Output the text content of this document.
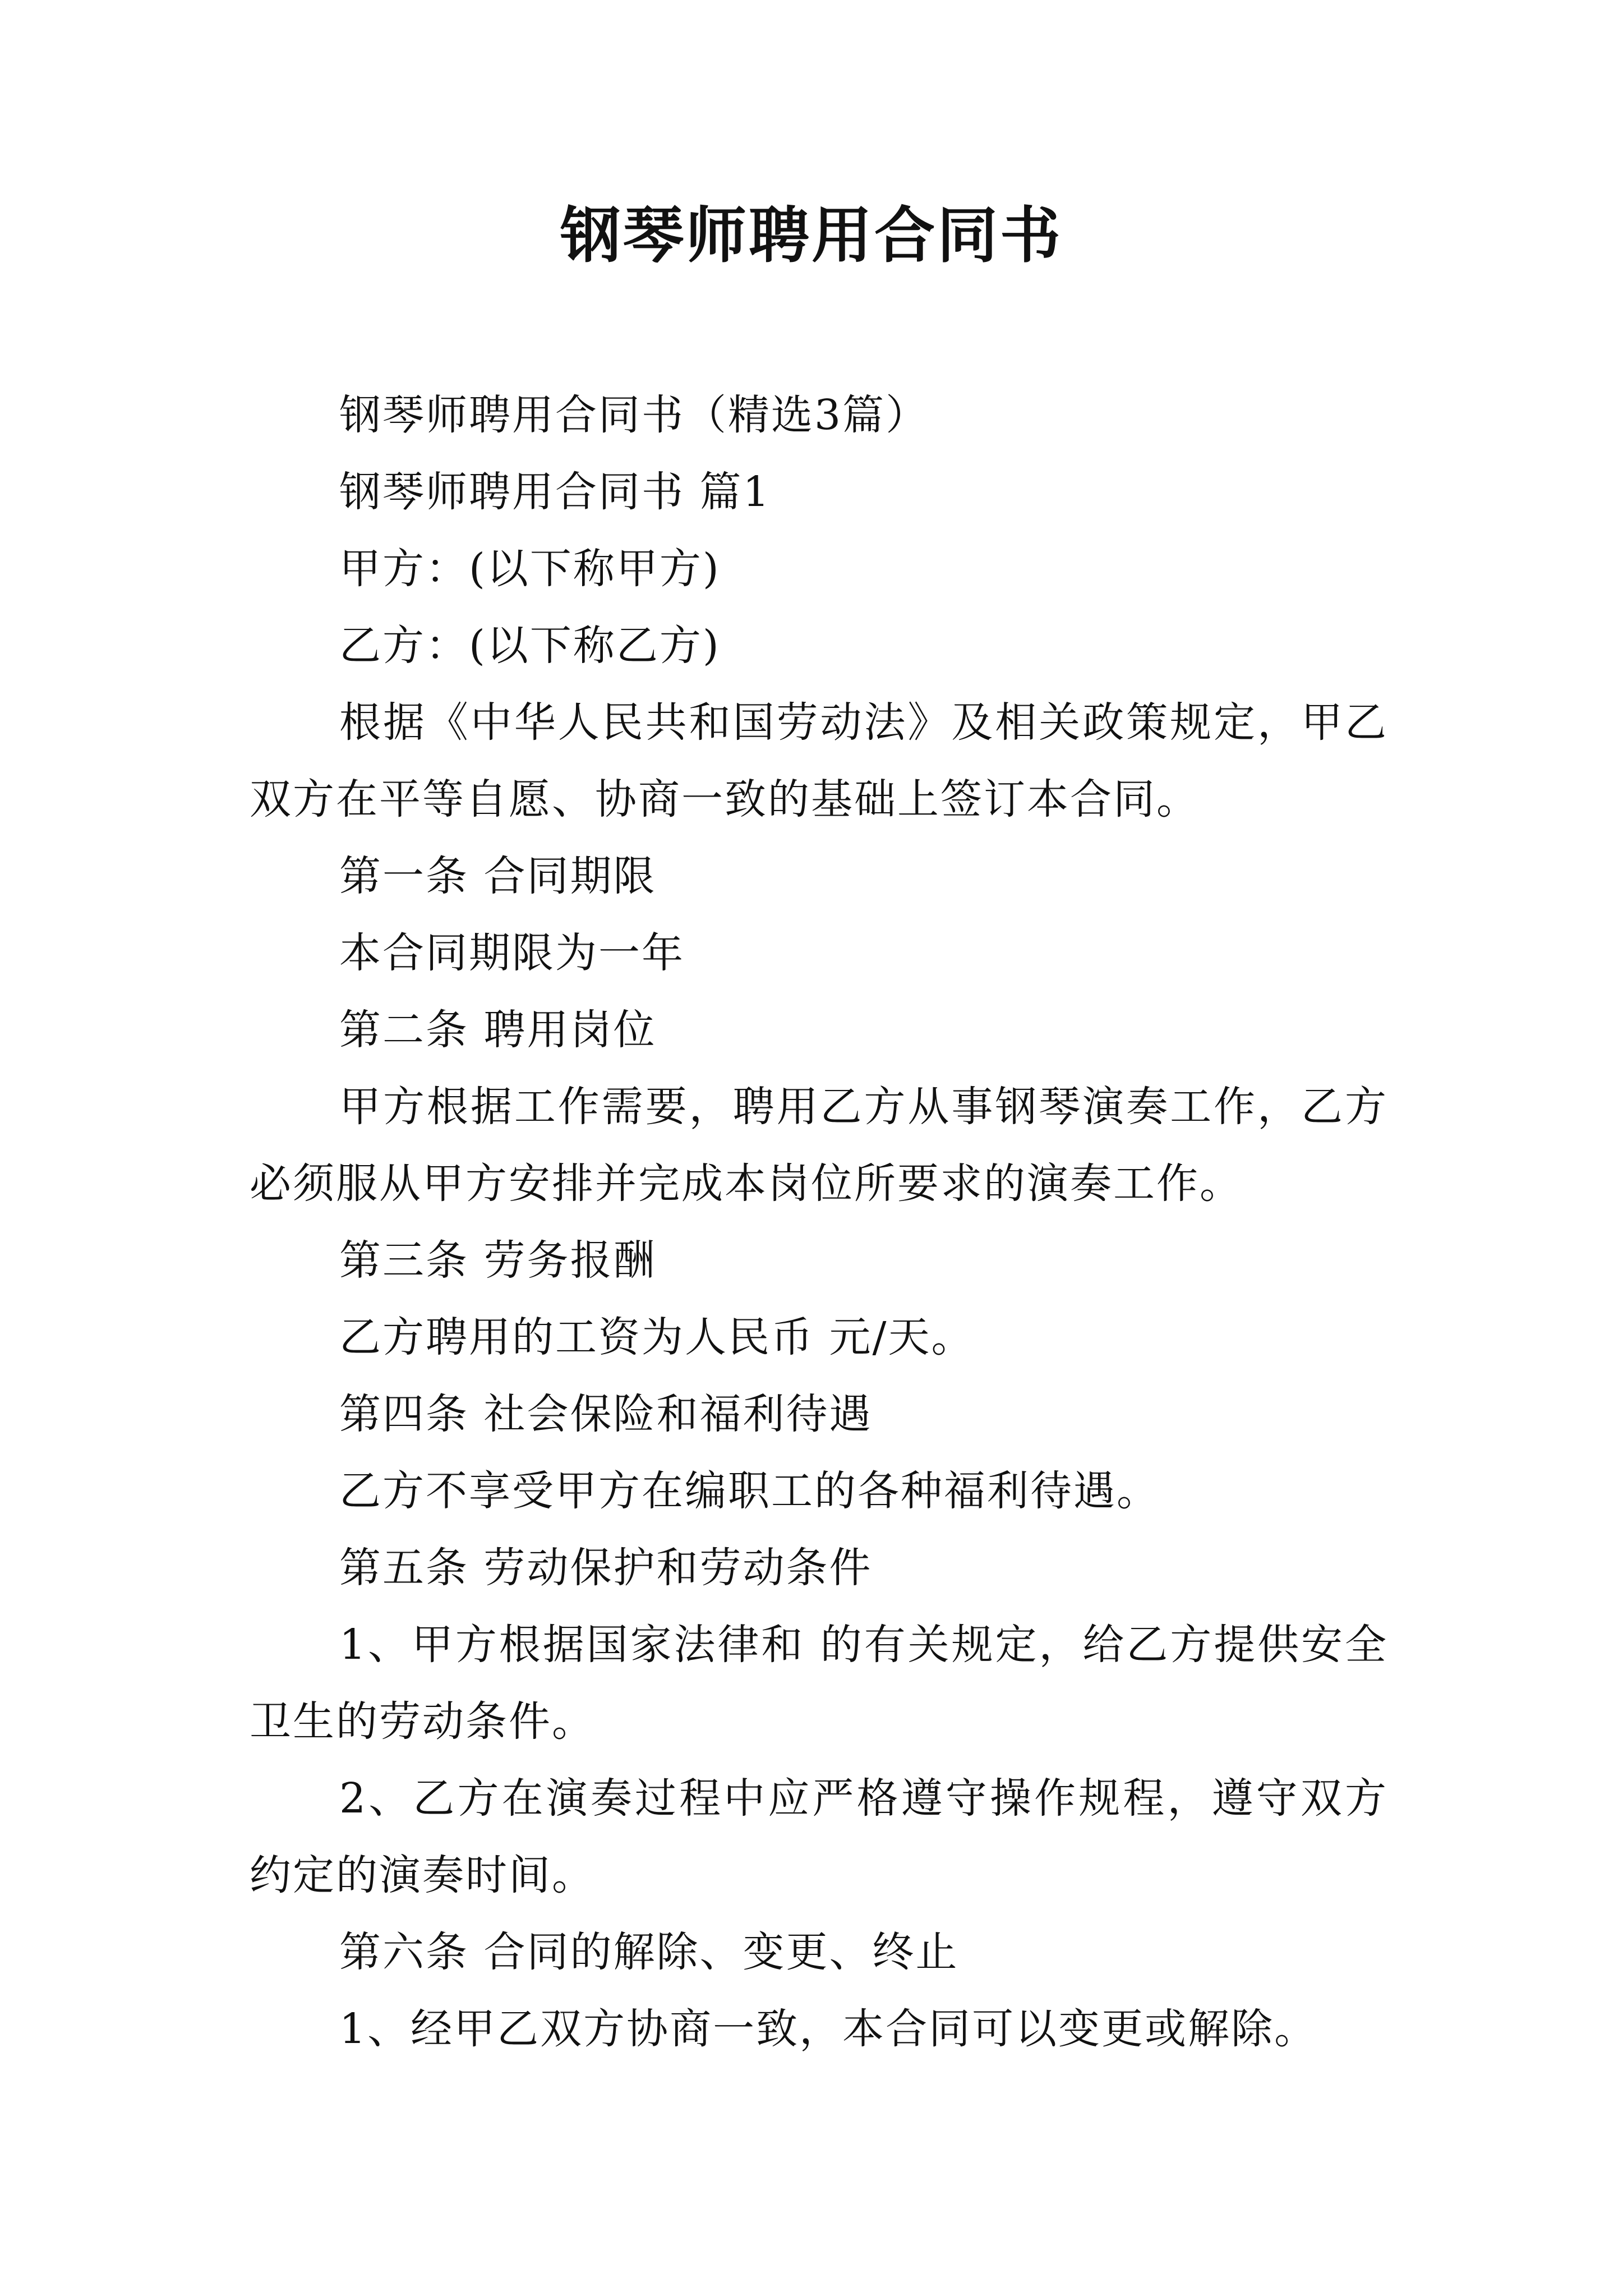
钢琴师聘用合同书

钢琴师聘用合同书（精选3篇）

钢琴师聘用合同书 篇1

甲方：(以下称甲方)

乙方：(以下称乙方)

根据《中华人民共和国劳动法》及相关政策规定，甲乙双方在平等自愿、协商一致的基础上签订本合同。

第一条 合同期限

本合同期限为一年

第二条 聘用岗位

甲方根据工作需要，聘用乙方从事钢琴演奏工作，乙方必须服从甲方安排并完成本岗位所要求的演奏工作。

第三条 劳务报酬

乙方聘用的工资为人民币 元/天。

第四条 社会保险和福利待遇

乙方不享受甲方在编职工的各种福利待遇。

第五条 劳动保护和劳动条件

1、甲方根据国家法律和 的有关规定，给乙方提供安全卫生的劳动条件。

2、乙方在演奏过程中应严格遵守操作规程，遵守双方约定的演奏时间。

第六条 合同的解除、变更、终止

1、经甲乙双方协商一致，本合同可以变更或解除。
